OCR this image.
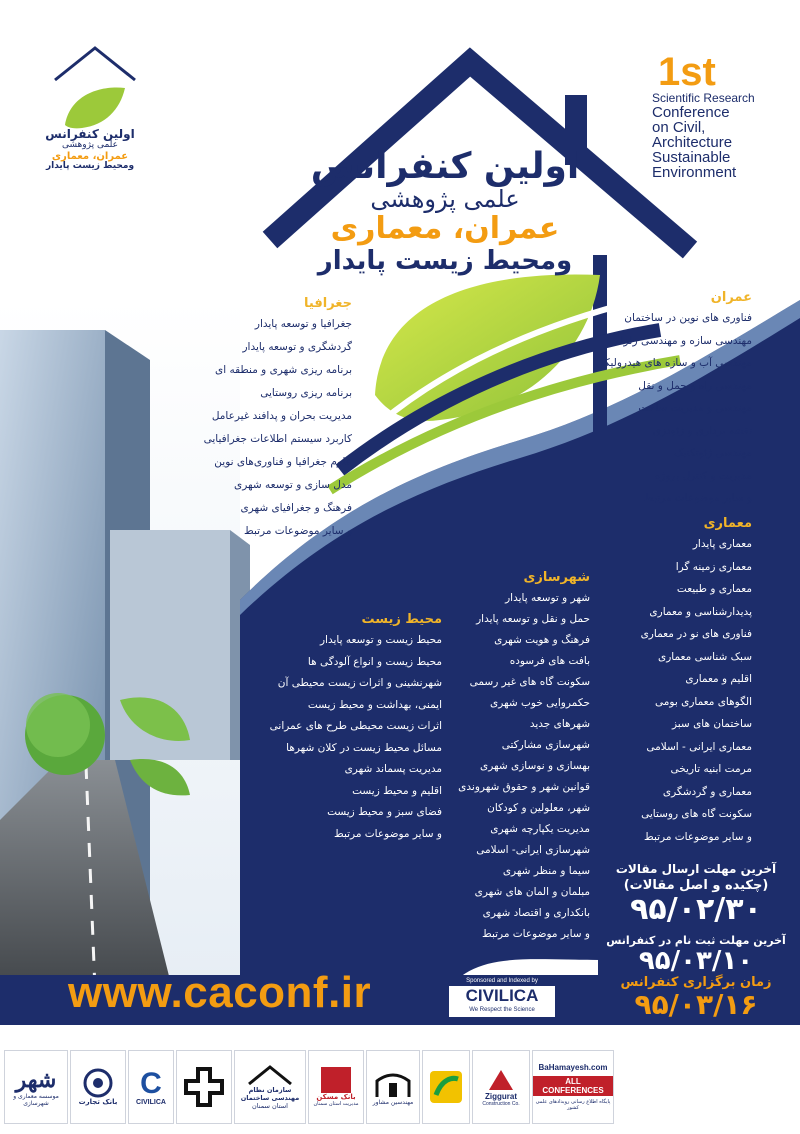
اولین کنفرانس
علمی پژوهشی
عمران، معماری
ومحیط زیست پایدار
1st
Scientific Research
Conference
on Civil,
Architecture
Sustainable
Environment
اولین کنفرانس
علمی پژوهشی
عمران، معماری
ومحیط زیست پایدار
جغرافیا
جغرافیا و توسعه پایدار
گردشگری و توسعه پایدار
برنامه ریزی شهری و منطقه ای
برنامه ریزی روستایی
مدیریت بحران و پدافند غیرعامل
کاربرد سیستم اطلاعات جغرافیایی
علوم جغرافیا و فناوری‌های نوین
مدل سازی و توسعه شهری
فرهنگ و جغرافیای شهری
و سایر موضوعات مرتبط
عمران
فناوری های نوین در ساختمان
مهندسی سازه و مهندسی زلزله
مهندسی آب و سازه های هیدرولیکی
مهندسی راه و حمل و نقل
مهندسی و مدیریت ساخت
نقشه برداری و ژئودزی
مهندسی ژئوتکنیک
مدیریت و کنترل پروژه
و سایر موضوعات مرتبط
معماری
معماری پایدار
معماری زمینه گرا
معماری و طبیعت
پدیدارشناسی و معماری
فناوری های نو در معماری
سبک شناسی معماری
اقلیم و معماری
الگوهای معماری بومی
ساختمان های سبز
معماری ایرانی - اسلامی
مرمت ابنیه تاریخی
معماری و گردشگری
سکونت گاه های روستایی
و سایر موضوعات مرتبط
شهرسازی
شهر و توسعه پایدار
حمل و نقل و توسعه پایدار
فرهنگ و هویت شهری
بافت های فرسوده
سکونت گاه های غیر رسمی
حکمروایی خوب شهری
شهرهای جدید
شهرسازی مشارکتی
بهسازی و نوسازی شهری
قوانین شهر و حقوق شهروندی
شهر، معلولین و کودکان
مدیریت یکپارچه شهری
شهرسازی ایرانی- اسلامی
سیما و منظر شهری
مبلمان و المان های شهری
بانکداری و اقتصاد شهری
و سایر موضوعات مرتبط
محیط زیست
محیط زیست و توسعه پایدار
محیط زیست و انواع آلودگی ها
شهرنشینی و اثرات زیست محیطی آن
ایمنی، بهداشت و محیط زیست
اثرات زیست محیطی طرح های عمرانی
مسائل محیط زیست در کلان شهرها
مدیریت پسماند شهری
اقلیم و محیط زیست
فضای سبز و محیط زیست
و سایر موضوعات مرتبط
آخرین مهلت ارسال مقالات
(چکیده و اصل مقالات)
۹۵/۰۲/۳۰
آخرین مهلت ثبت نام در کنفرانس
۹۵/۰۳/۱۰
زمان برگزاری کنفرانس
۹۵/۰۳/۱۶
www.caconf.ir	Sponsored and Indexed by
CIVILICA
We Respect the Science
شهر
موسسه معماری و شهرسازی	بانک تجارت
C
CIVILICA
سازمان نظام مهندسی ساختمان
استان سمنان
بانک مسکن
مدیریت استان سمنان مهندسین مشاور
Ziggurat
Construction Co.
BaHamayesh.com
ALL CONFERENCES
پایگاه اطلاع رسانی رویدادهای علمی کشور
